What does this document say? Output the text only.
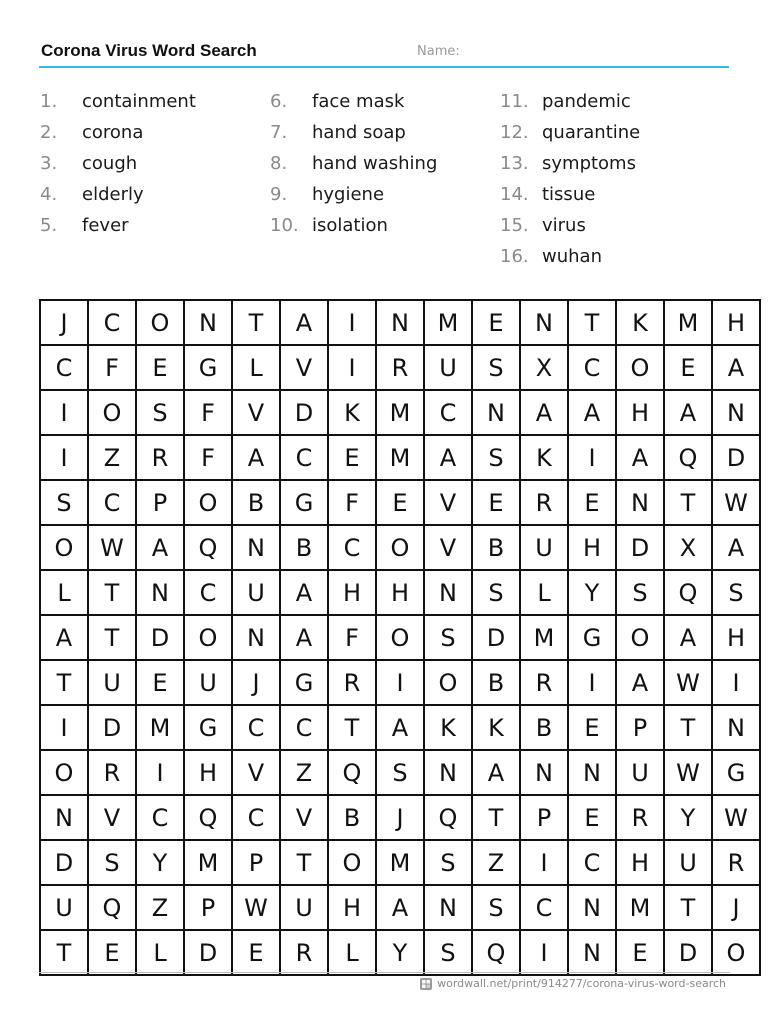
Corona Virus Word Search	Name:
1. containment
2. corona
3. cough
4. elderly
5. fever
6. face mask
7. hand soap
8. hand washing
9. hygiene
10. isolation
11. pandemic
12. quarantine
13. symptoms
14. tissue
15. virus
16. wuhan
J	C	O	N	T	A	I	N	M	E	N	T	K	M	H
C	F	E	G	L	V	I	R	U	S	X	C	O	E	A
I	O	S	F	V	D	K	M	C	N	A	A	H	A	N
I	Z	R	F	A	C	E	M	A	S	K	I	A	Q	D
S	C	P	O	B	G	F	E	V	E	R	E	N	T	W
O	W	A	Q	N	B	C	O	V	B	U	H	D	X	A
L	T	N	C	U	A	H	H	N	S	L	Y	S	Q	S
A	T	D	O	N	A	F	O	S	D	M	G	O	A	H
T	U	E	U	J	G	R	I	O	B	R	I	A	W	I
I	D	M	G	C	C	T	A	K	K	B	E	P	T	N
O	R	I	H	V	Z	Q	S	N	A	N	N	U	W	G
N	V	C	Q	C	V	B	J	Q	T	P	E	R	Y	W
D	S	Y	M	P	T	O	M	S	Z	I	C	H	U	R
U	Q	Z	P	W	U	H	A	N	S	C	N	M	T	J
T	E	L	D	E	R	L	Y	S	Q	I	N	E	D	O
wordwall.net/print/914277/corona-virus-word-search
